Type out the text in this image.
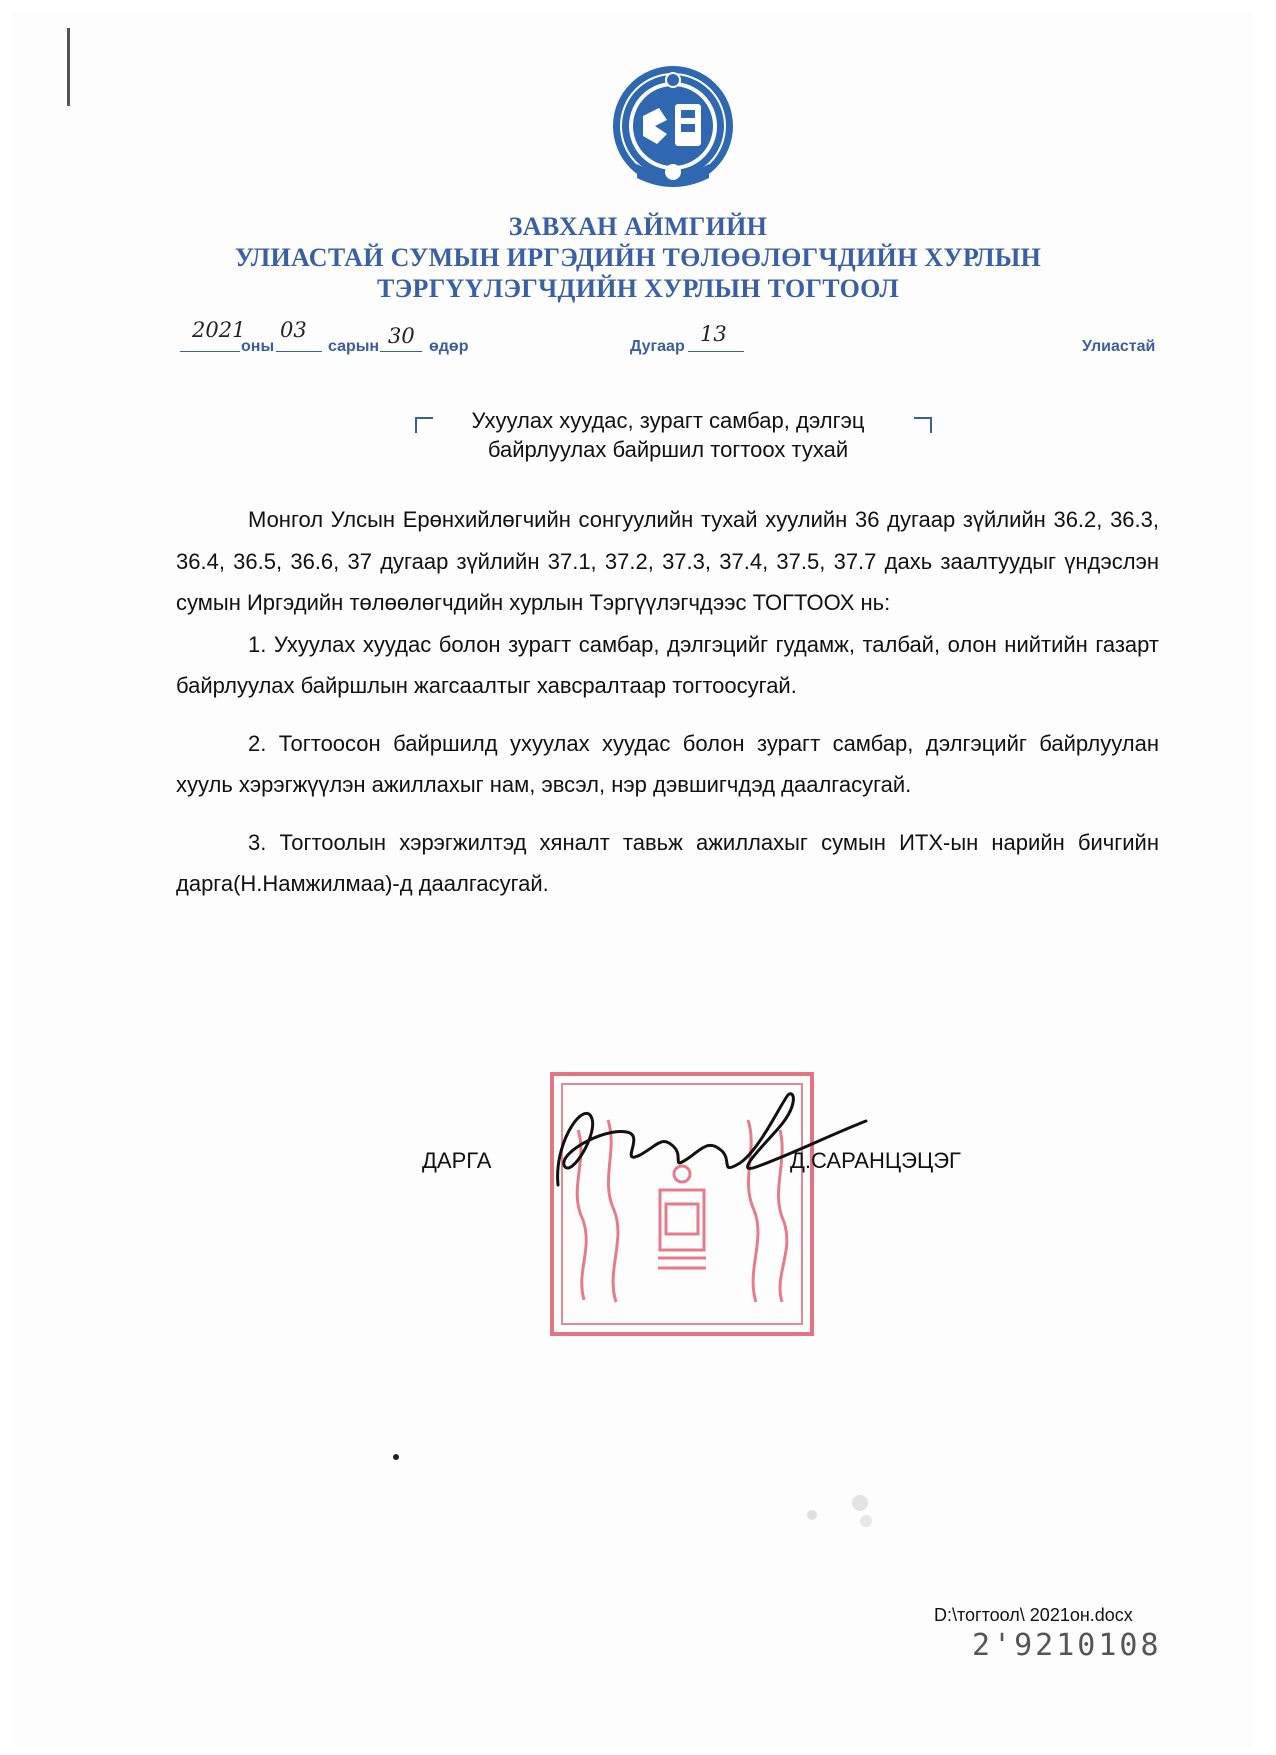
ЗАВХАН АЙМГИЙН
УЛИАСТАЙ СУМЫН ИРГЭДИЙН ТӨЛӨӨЛӨГЧДИЙН ХУРЛЫН
ТЭРГҮҮЛЭГЧДИЙН ХУРЛЫН ТОГТООЛ
2021
оны
03
сарын 30 өдөр	Дугаар
13
Улиастай
Ухуулах хуудас, зурагт самбар, дэлгэц
байрлуулах байршил тогтоох тухай

Монгол Улсын Ерөнхийлөгчийн сонгуулийн тухай хуулийн 36 дугаар зүйлийн 36.2, 36.3, 36.4, 36.5, 36.6, 37 дугаар зүйлийн 37.1, 37.2, 37.3, 37.4, 37.5, 37.7 дахь заалтуудыг үндэслэн сумын Иргэдийн төлөөлөгчдийн хурлын Тэргүүлэгчдээс ТОГТООХ нь:

1. Ухуулах хуудас болон зурагт самбар, дэлгэцийг гудамж, талбай, олон нийтийн газарт байрлуулах байршлын жагсаалтыг хавсралтаар тогтоосугай.

2. Тогтоосон байршилд ухуулах хуудас болон зурагт самбар, дэлгэцийг байрлуулан хууль хэрэгжүүлэн ажиллахыг нам, эвсэл, нэр дэвшигчдэд даалгасугай.

3. Тогтоолын хэрэгжилтэд хяналт тавьж ажиллахыг сумын ИТХ-ын нарийн бичгийн дарга(Н.Намжилмаа)-д даалгасугай.

ДАРГА	Д.САРАНЦЭЦЭГ
D:\тогтоол\ 2021он.docx
2'9210108
